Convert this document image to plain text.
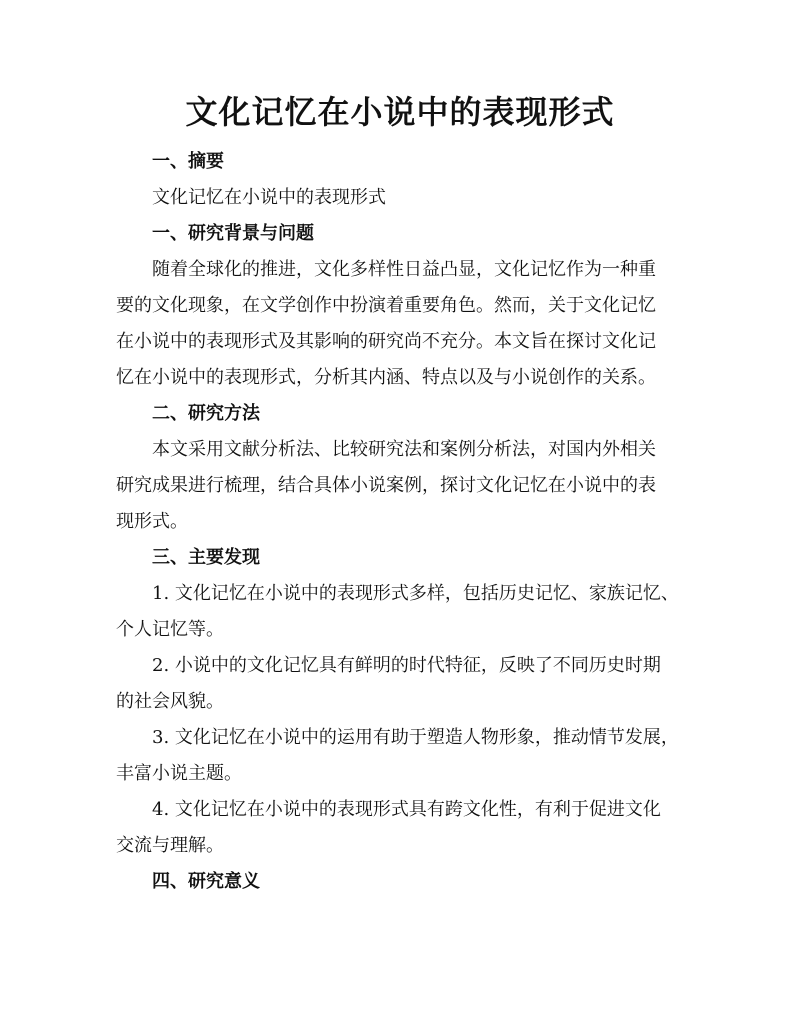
文化记忆在小说中的表现形式

一、摘要

文化记忆在小说中的表现形式

一、研究背景与问题

随着全球化的推进，文化多样性日益凸显，文化记忆作为一种重

要的文化现象，在文学创作中扮演着重要角色。然而，关于文化记忆

在小说中的表现形式及其影响的研究尚不充分。本文旨在探讨文化记

忆在小说中的表现形式，分析其内涵、特点以及与小说创作的关系。

二、研究方法

本文采用文献分析法、比较研究法和案例分析法，对国内外相关

研究成果进行梳理，结合具体小说案例，探讨文化记忆在小说中的表

现形式。

三、主要发现

1. 文化记忆在小说中的表现形式多样，包括历史记忆、家族记忆、

个人记忆等。

2. 小说中的文化记忆具有鲜明的时代特征，反映了不同历史时期

的社会风貌。

3. 文化记忆在小说中的运用有助于塑造人物形象，推动情节发展，

丰富小说主题。

4. 文化记忆在小说中的表现形式具有跨文化性，有利于促进文化

交流与理解。

四、研究意义
